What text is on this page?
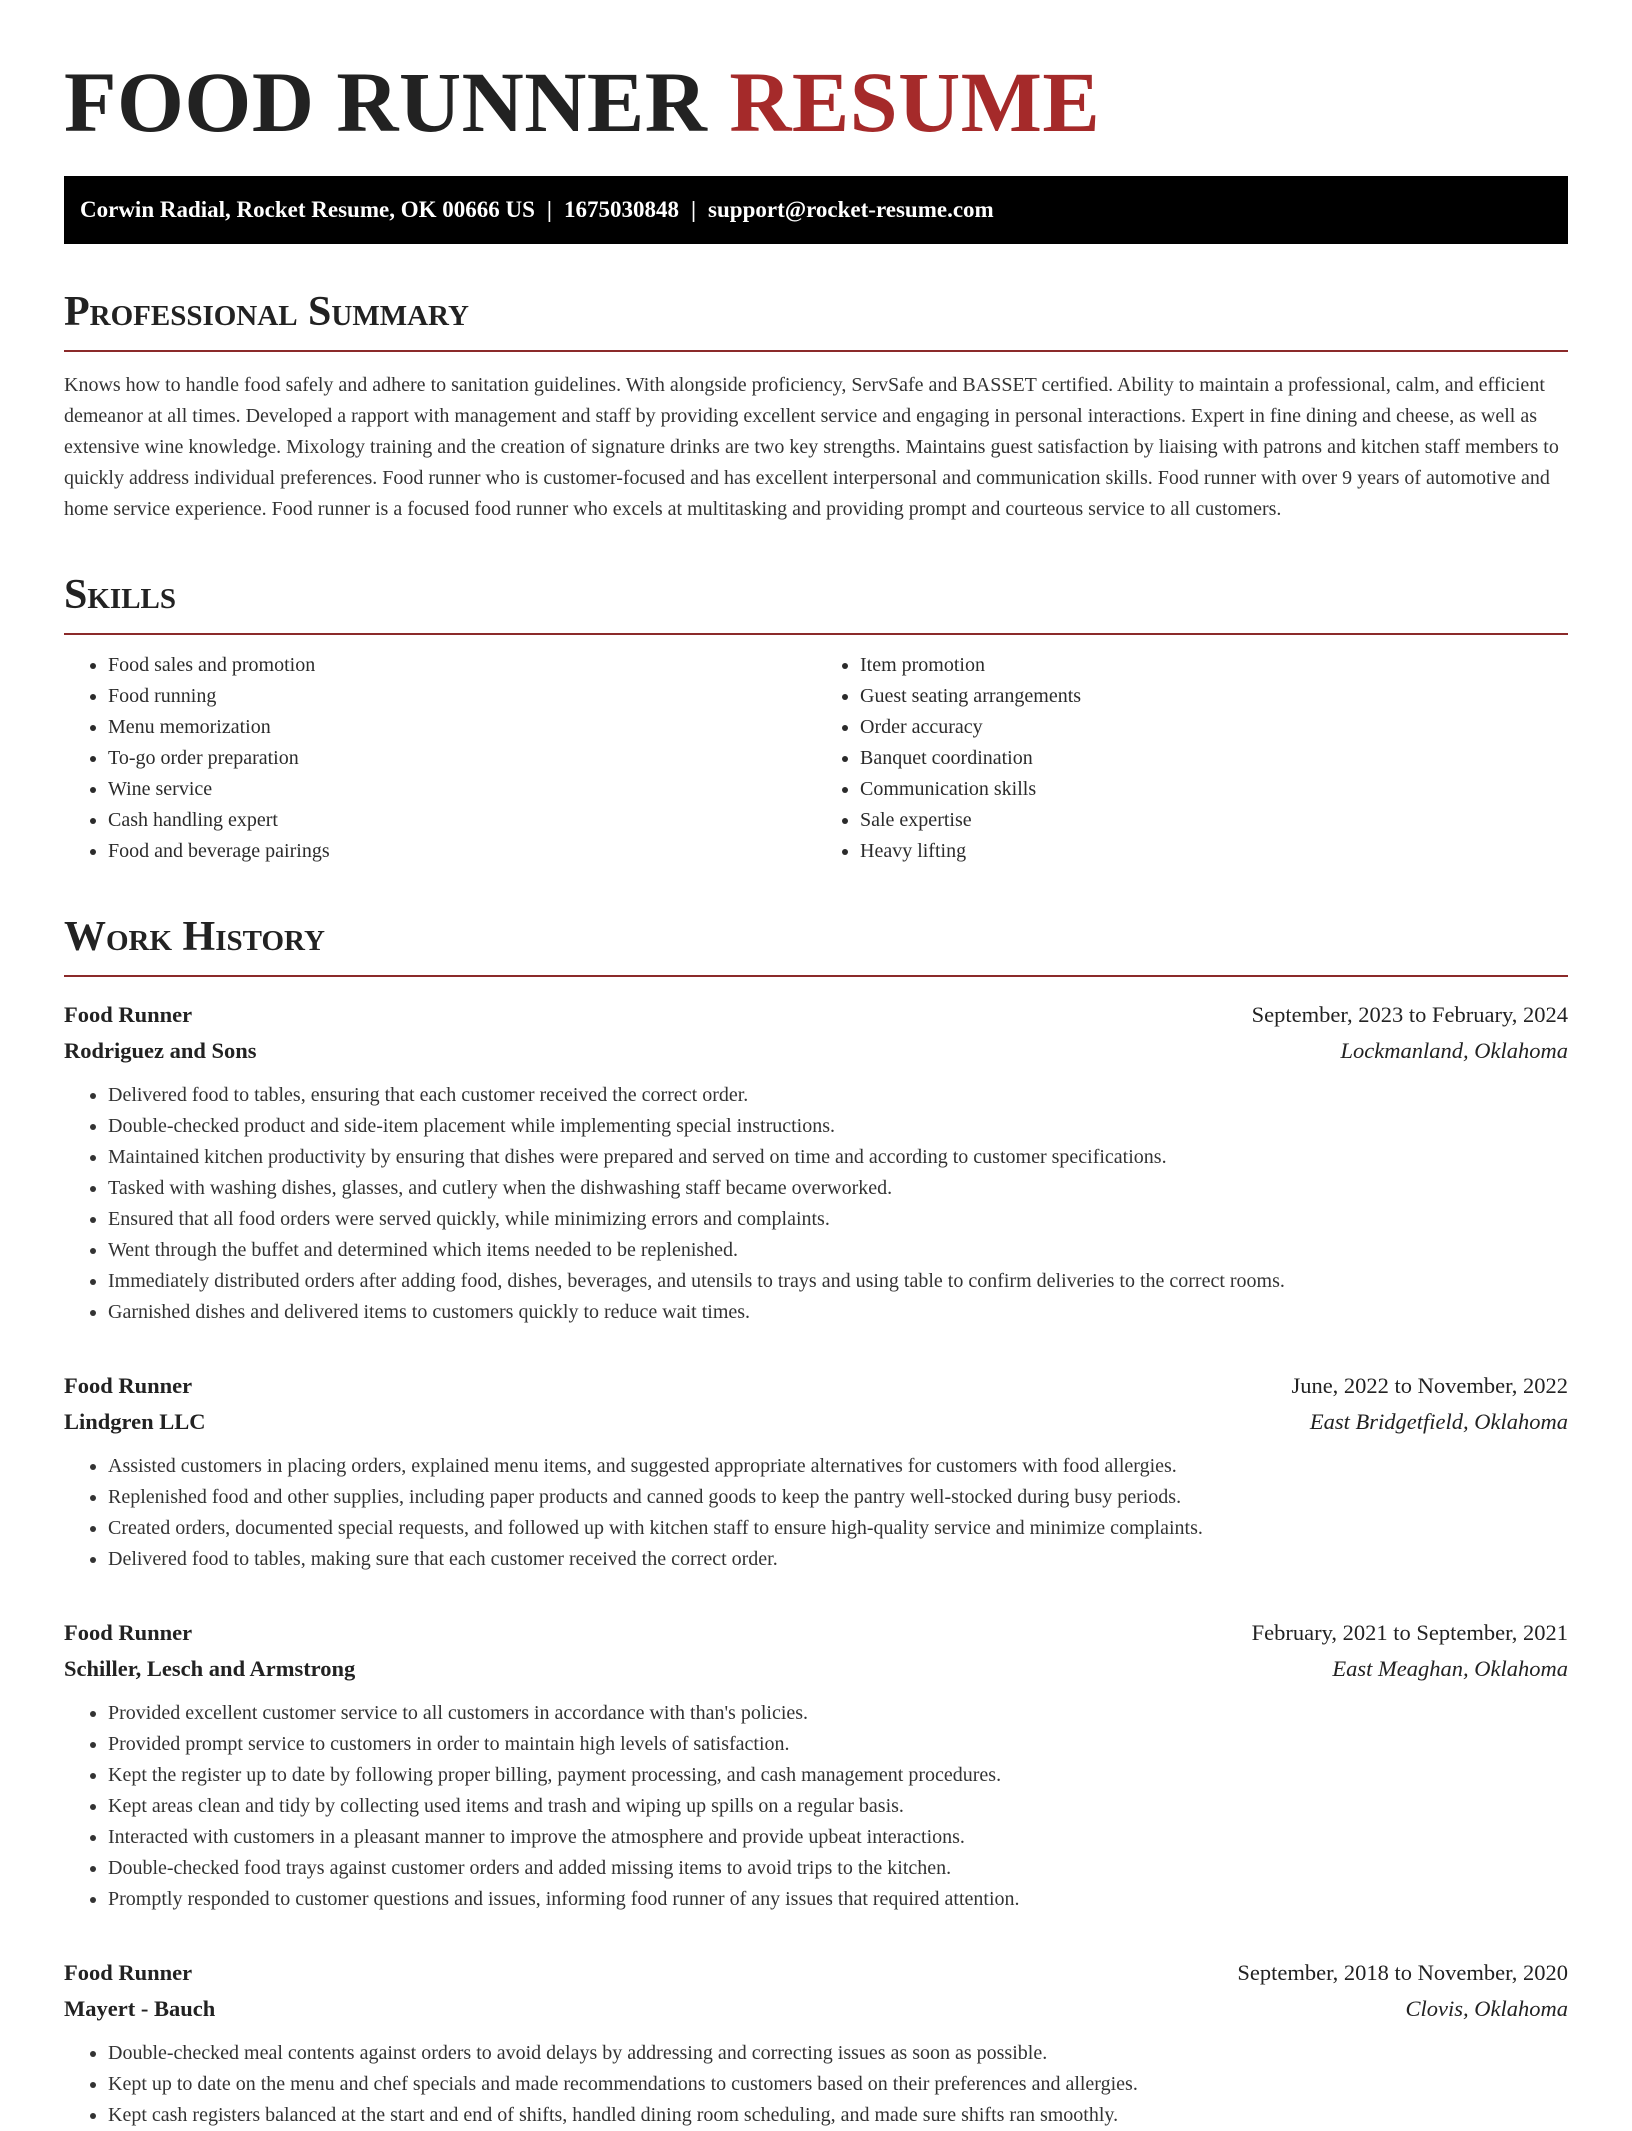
FOOD RUNNER RESUME
Corwin Radial, Rocket Resume, OK 00666 US | 1675030848 | support@rocket-resume.com
Professional Summary

Knows how to handle food safely and adhere to sanitation guidelines. With alongside proficiency, ServSafe and BASSET certified. Ability to maintain a professional, calm, and efficient demeanor at all times. Developed a rapport with management and staff by providing excellent service and engaging in personal interactions. Expert in fine dining and cheese, as well as extensive wine knowledge. Mixology training and the creation of signature drinks are two key strengths. Maintains guest satisfaction by liaising with patrons and kitchen staff members to quickly address individual preferences. Food runner who is customer-focused and has excellent interpersonal and communication skills. Food runner with over 9 years of automotive and home service experience. Food runner is a focused food runner who excels at multitasking and providing prompt and courteous service to all customers.

Skills
• Food sales and promotion
• Food running
• Menu memorization
• To-go order preparation
• Wine service
• Cash handling expert
• Food and beverage pairings
• Item promotion
• Guest seating arrangements
• Order accuracy
• Banquet coordination
• Communication skills
• Sale expertise
• Heavy lifting
Work History
Food Runner	September, 2023 to February, 2024
Rodriguez and Sons	Lockmanland, Oklahoma
• Delivered food to tables, ensuring that each customer received the correct order.
• Double-checked product and side-item placement while implementing special instructions.
• Maintained kitchen productivity by ensuring that dishes were prepared and served on time and according to customer specifications.
• Tasked with washing dishes, glasses, and cutlery when the dishwashing staff became overworked.
• Ensured that all food orders were served quickly, while minimizing errors and complaints.
• Went through the buffet and determined which items needed to be replenished.
• Immediately distributed orders after adding food, dishes, beverages, and utensils to trays and using table to confirm deliveries to the correct rooms.
• Garnished dishes and delivered items to customers quickly to reduce wait times.
Food Runner	June, 2022 to November, 2022
Lindgren LLC	East Bridgetfield, Oklahoma
• Assisted customers in placing orders, explained menu items, and suggested appropriate alternatives for customers with food allergies.
• Replenished food and other supplies, including paper products and canned goods to keep the pantry well-stocked during busy periods.
• Created orders, documented special requests, and followed up with kitchen staff to ensure high-quality service and minimize complaints.
• Delivered food to tables, making sure that each customer received the correct order.
Food Runner	February, 2021 to September, 2021
Schiller, Lesch and Armstrong	East Meaghan, Oklahoma
• Provided excellent customer service to all customers in accordance with than's policies.
• Provided prompt service to customers in order to maintain high levels of satisfaction.
• Kept the register up to date by following proper billing, payment processing, and cash management procedures.
• Kept areas clean and tidy by collecting used items and trash and wiping up spills on a regular basis.
• Interacted with customers in a pleasant manner to improve the atmosphere and provide upbeat interactions.
• Double-checked food trays against customer orders and added missing items to avoid trips to the kitchen.
• Promptly responded to customer questions and issues, informing food runner of any issues that required attention.
Food Runner	September, 2018 to November, 2020
Mayert - Bauch	Clovis, Oklahoma
• Double-checked meal contents against orders to avoid delays by addressing and correcting issues as soon as possible.
• Kept up to date on the menu and chef specials and made recommendations to customers based on their preferences and allergies.
• Kept cash registers balanced at the start and end of shifts, handled dining room scheduling, and made sure shifts ran smoothly.
